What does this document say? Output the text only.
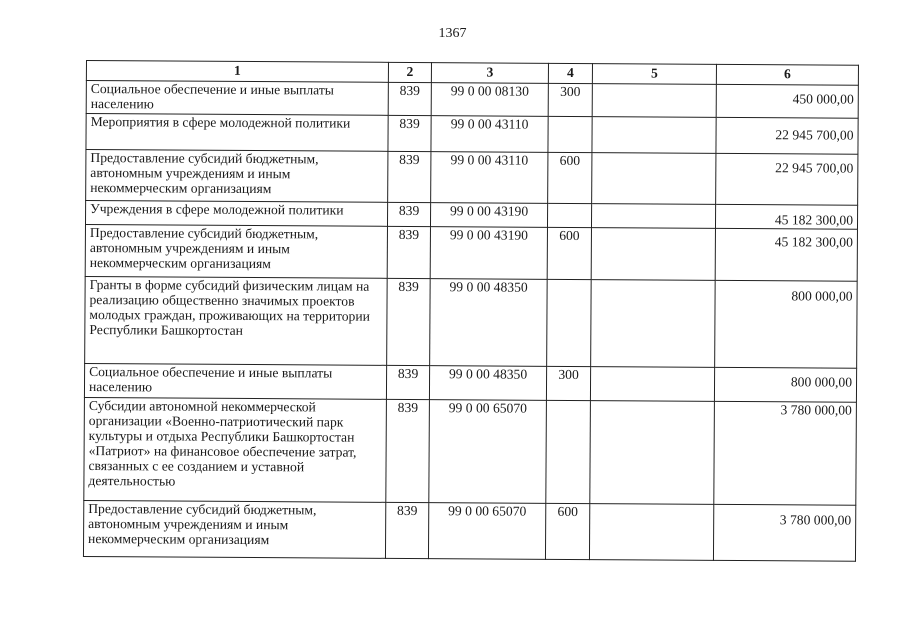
1367
1	2	3	4	5	6
Социальное обеспечение и иные выплаты населению	839	99 0 00 08130	300		450 000,00
Мероприятия в сфере молодежной политики	839	99 0 00 43110			22 945 700,00
Предоставление субсидий бюджетным, автономным учреждениям и иным некоммерческим организациям	839	99 0 00 43110	600		22 945 700,00
Учреждения в сфере молодежной политики	839	99 0 00 43190			45 182 300,00
Предоставление субсидий бюджетным, автономным учреждениям и иным некоммерческим организациям	839	99 0 00 43190	600		45 182 300,00
Гранты в форме субсидий физическим лицам на реализацию общественно значимых проектов молодых граждан, проживающих на территории Республики Башкортостан	839	99 0 00 48350			800 000,00
Социальное обеспечение и иные выплаты населению	839	99 0 00 48350	300		800 000,00
Субсидии автономной некоммерческой организации «Военно-патриотический парк культуры и отдыха Республики Башкортостан «Патриот» на финансовое обеспечение затрат, связанных с ее созданием и уставной деятельностью	839	99 0 00 65070			3 780 000,00
Предоставление субсидий бюджетным, автономным учреждениям и иным некоммерческим организациям	839	99 0 00 65070	600		3 780 000,00
